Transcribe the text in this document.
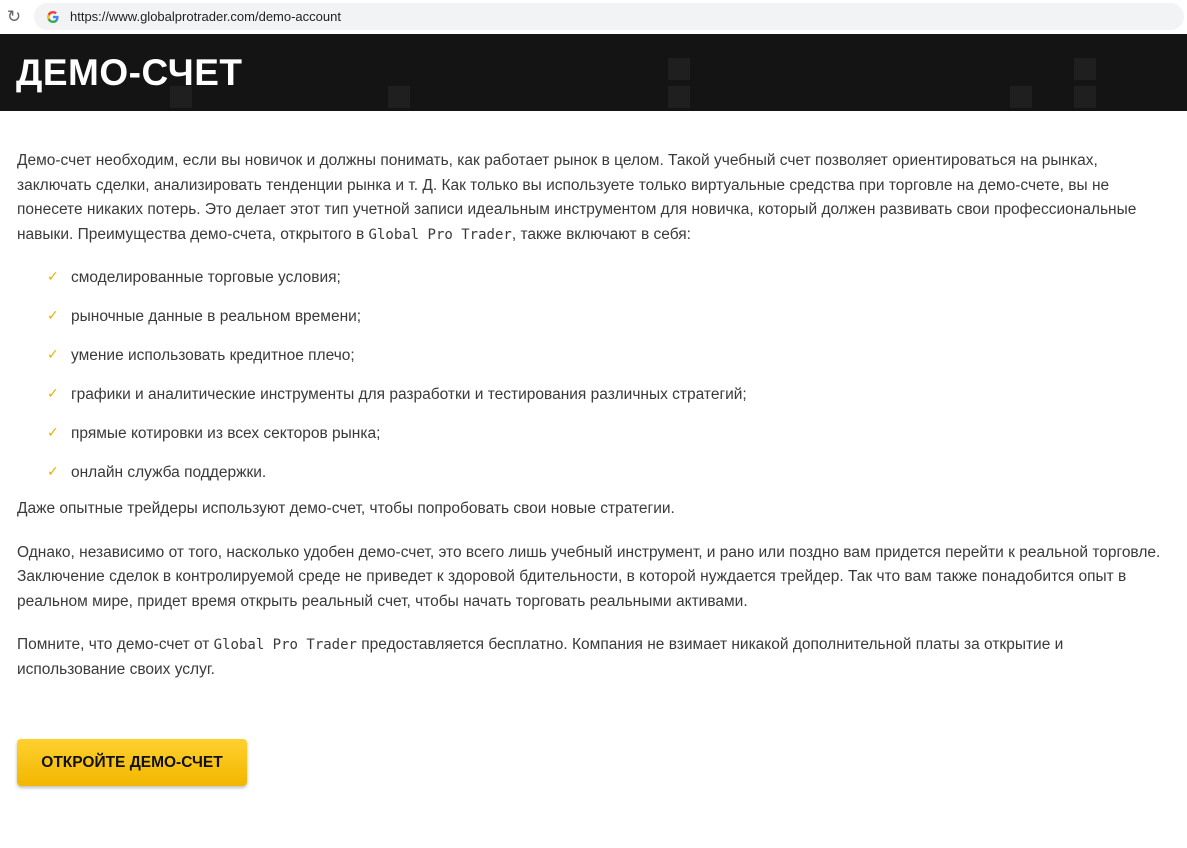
↻	https://www.globalprotrader.com/demo-account
ДЕМО-СЧЕТ

Демо-счет необходим, если вы новичок и должны понимать, как работает рынок в целом. Такой учебный счет позволяет ориентироваться на рынках, заключать сделки, анализировать тенденции рынка и т. Д. Как только вы используете только виртуальные средства при торговле на демо-счете, вы не понесете никаких потерь. Это делает этот тип учетной записи идеальным инструментом для новичка, который должен развивать свои профессиональные навыки. Преимущества демо-счета, открытого в Global Pro Trader, также включают в себя:

✓ смоделированные торговые условия;
✓ рыночные данные в реальном времени;
✓ умение использовать кредитное плечо;
✓ графики и аналитические инструменты для разработки и тестирования различных стратегий;
✓ прямые котировки из всех секторов рынка;
✓ онлайн служба поддержки.

Даже опытные трейдеры используют демо-счет, чтобы попробовать свои новые стратегии.

Однако, независимо от того, насколько удобен демо-счет, это всего лишь учебный инструмент, и рано или поздно вам придется перейти к реальной торговле. Заключение сделок в контролируемой среде не приведет к здоровой бдительности, в которой нуждается трейдер. Так что вам также понадобится опыт в реальном мире, придет время открыть реальный счет, чтобы начать торговать реальными активами.

Помните, что демо-счет от Global Pro Trader предоставляется бесплатно. Компания не взимает никакой дополнительной платы за открытие и использование своих услуг.

ОТКРОЙТЕ ДЕМО-СЧЕТ
